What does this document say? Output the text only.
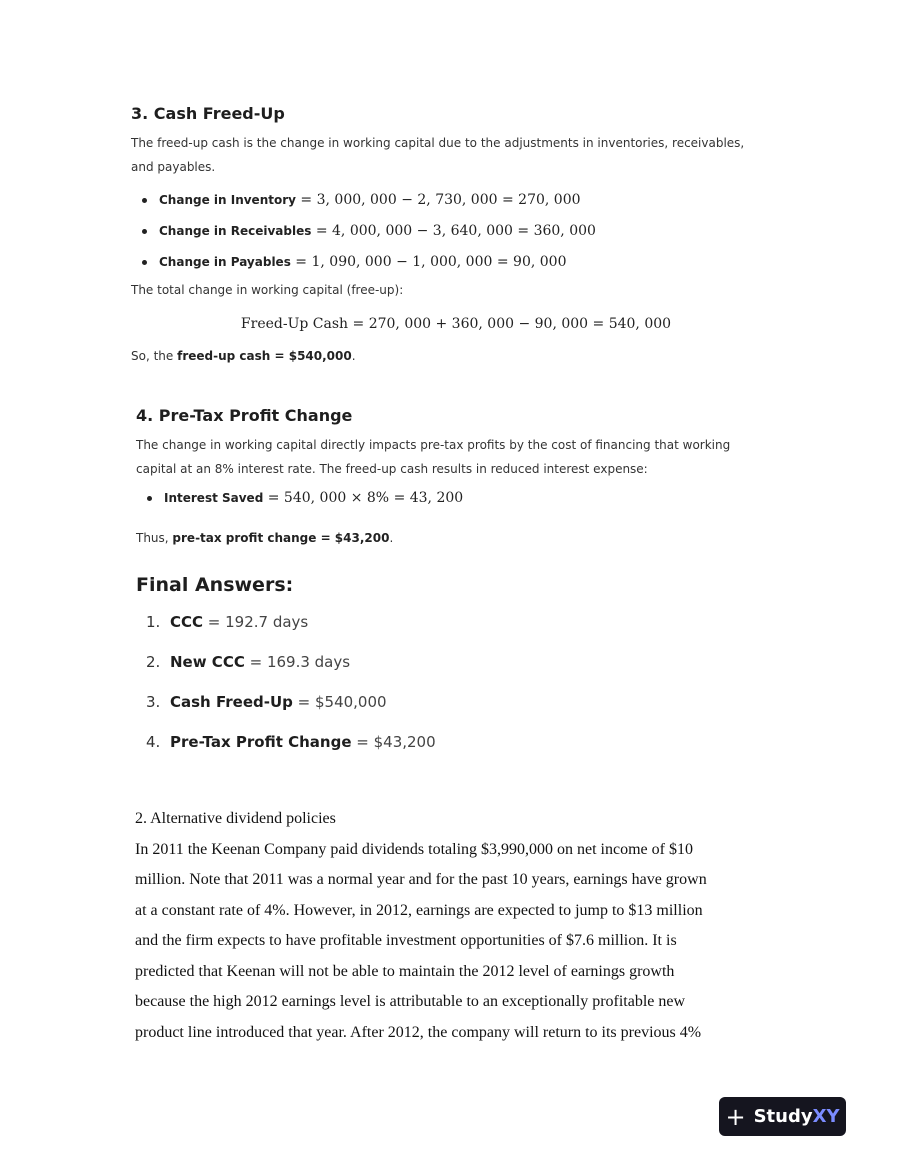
3. Cash Freed-Up

The freed-up cash is the change in working capital due to the adjustments in inventories, receivables,

and payables.

Change in Inventory = 3, 000, 000 − 2, 730, 000 = 270, 000
Change in Receivables = 4, 000, 000 − 3, 640, 000 = 360, 000
Change in Payables = 1, 090, 000 − 1, 000, 000 = 90, 000

The total change in working capital (free-up):

Freed-Up Cash = 270, 000 + 360, 000 − 90, 000 = 540, 000

So, the freed-up cash = $540,000.

4. Pre-Tax Profit Change

The change in working capital directly impacts pre-tax profits by the cost of financing that working

capital at an 8% interest rate. The freed-up cash results in reduced interest expense:

Interest Saved = 540, 000 × 8% = 43, 200

Thus, pre-tax profit change = $43,200.

Final Answers:
1. CCC = 192.7 days
2. New CCC = 169.3 days
3. Cash Freed-Up = $540,000
4. Pre-Tax Profit Change = $43,200
2. Alternative dividend policies
In 2011 the Keenan Company paid dividends totaling $3,990,000 on net income of $10
million. Note that 2011 was a normal year and for the past 10 years, earnings have grown
at a constant rate of 4%. However, in 2012, earnings are expected to jump to $13 million
and the firm expects to have profitable investment opportunities of $7.6 million. It is
predicted that Keenan will not be able to maintain the 2012 level of earnings growth
because the high 2012 earnings level is attributable to an exceptionally profitable new
product line introduced that year. After 2012, the company will return to its previous 4%
+ StudyXY
